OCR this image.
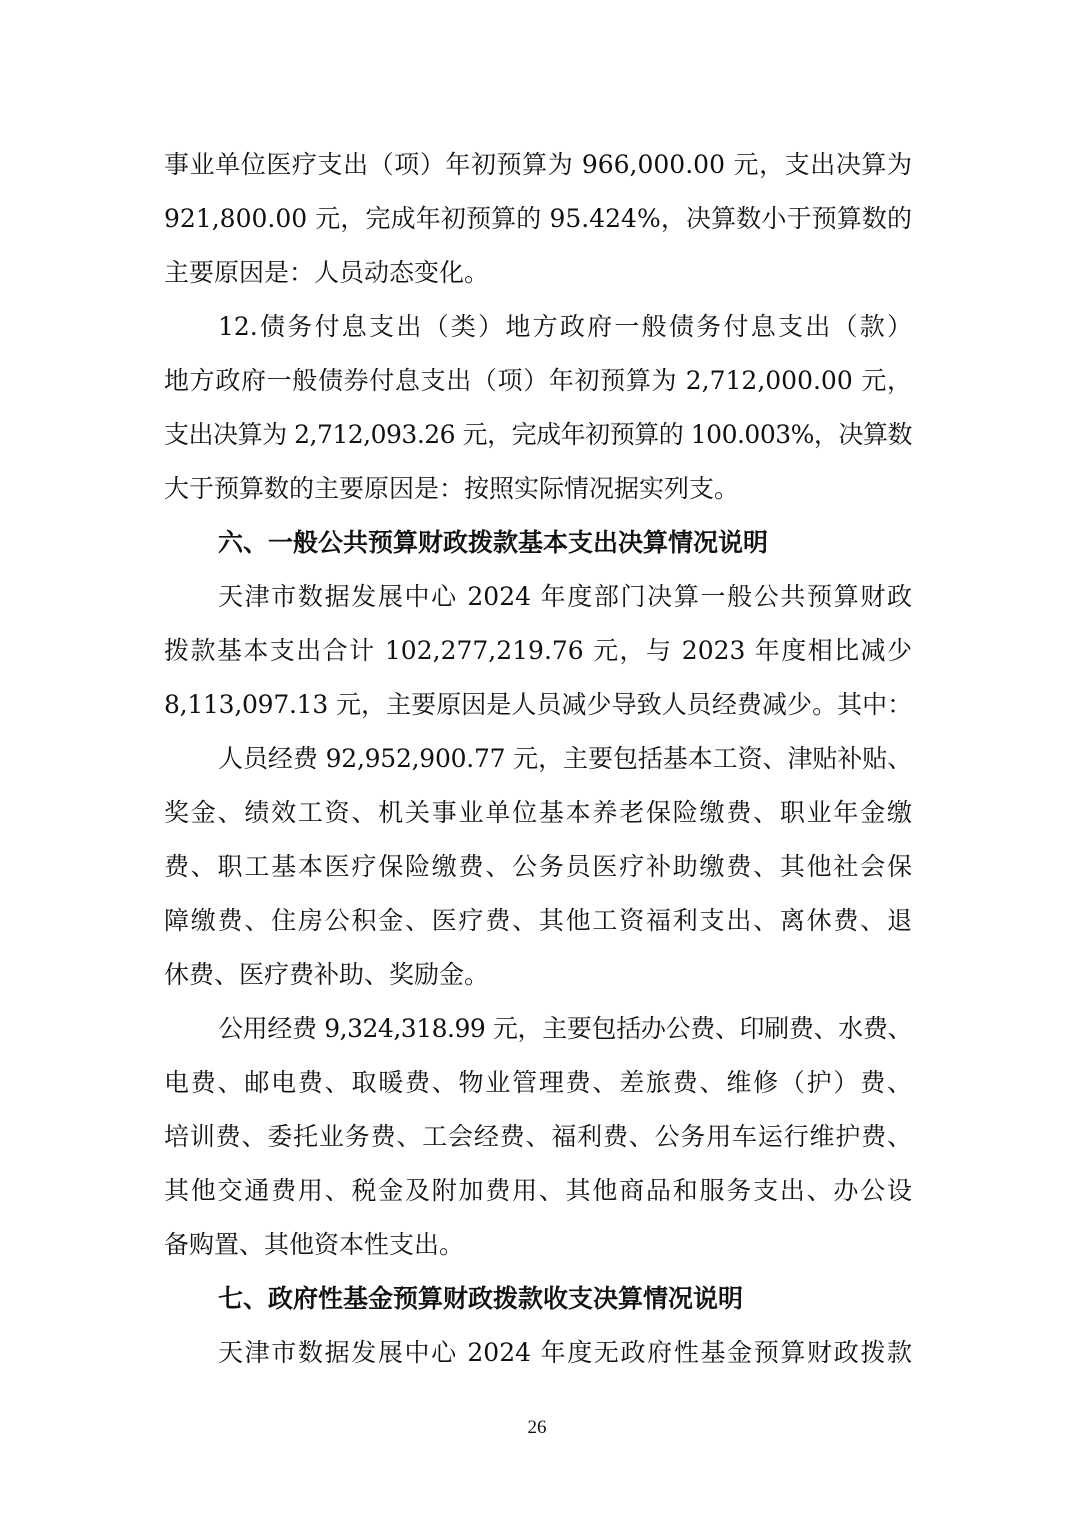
事业单位医疗支出（项）年初预算为 966,000.00 元，支出决算为
921,800.00 元，完成年初预算的 95.424%，决算数小于预算数的
主要原因是：人员动态变化。
12.债务付息支出（类）地方政府一般债务付息支出（款）
地方政府一般债券付息支出（项）年初预算为 2,712,000.00 元，
支出决算为 2,712,093.26 元，完成年初预算的 100.003%，决算数
大于预算数的主要原因是：按照实际情况据实列支。
六、一般公共预算财政拨款基本支出决算情况说明
天津市数据发展中心 2024 年度部门决算一般公共预算财政
拨款基本支出合计 102,277,219.76 元，与 2023 年度相比减少
8,113,097.13 元，主要原因是人员减少导致人员经费减少。其中：
人员经费 92,952,900.77 元，主要包括基本工资、津贴补贴、
奖金、绩效工资、机关事业单位基本养老保险缴费、职业年金缴
费、职工基本医疗保险缴费、公务员医疗补助缴费、其他社会保
障缴费、住房公积金、医疗费、其他工资福利支出、离休费、退
休费、医疗费补助、奖励金。
公用经费 9,324,318.99 元，主要包括办公费、印刷费、水费、
电费、邮电费、取暖费、物业管理费、差旅费、维修（护）费、
培训费、委托业务费、工会经费、福利费、公务用车运行维护费、
其他交通费用、税金及附加费用、其他商品和服务支出、办公设
备购置、其他资本性支出。
七、政府性基金预算财政拨款收支决算情况说明
天津市数据发展中心 2024 年度无政府性基金预算财政拨款
26
